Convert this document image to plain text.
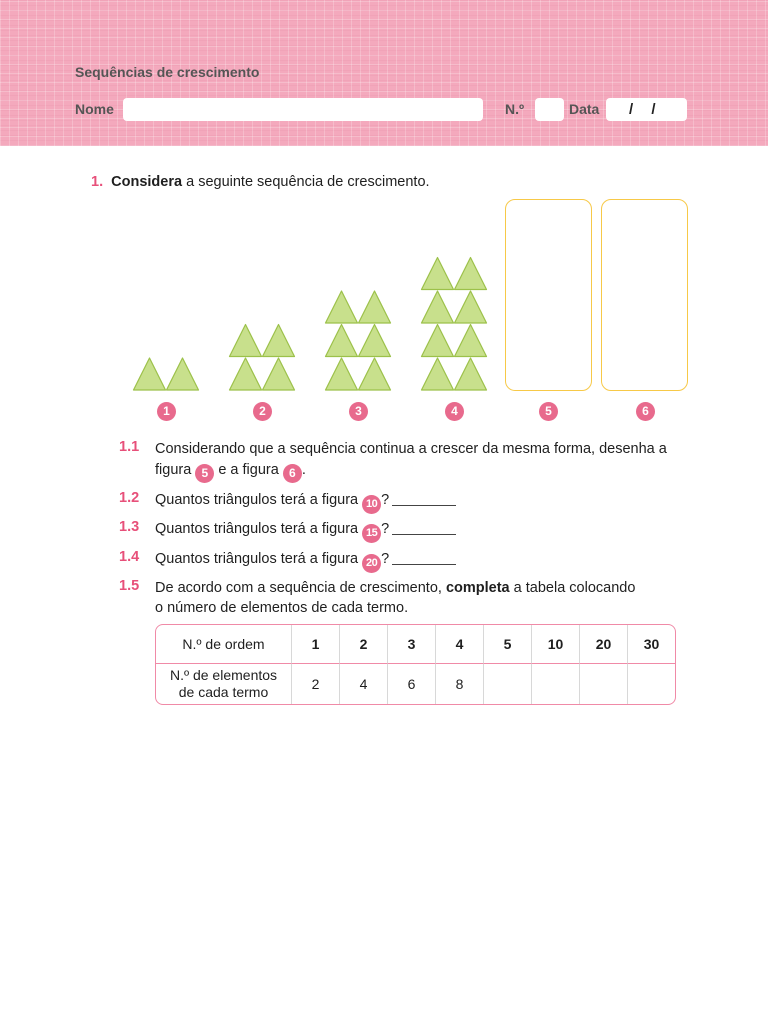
Sequências de crescimento
Nome	N.º	Data / /
1. Considera a seguinte sequência de crescimento.
1	2	3	4	5	6
1.1 Considerando que a sequência continua a crescer da mesma forma, desenha a
figura 5 e a figura 6 .
1.2 Quantos triângulos terá a figura 10 ?
1.3 Quantos triângulos terá a figura 15 ?
1.4 Quantos triângulos terá a figura 20 ?
1.5 De acordo com a sequência de crescimento, completa a tabela colocando
o número de elementos de cada termo.
N.º de ordem	1	2	3	4	5	10	20	30
N.º de elementos
de cada termo	2	4	6	8				
